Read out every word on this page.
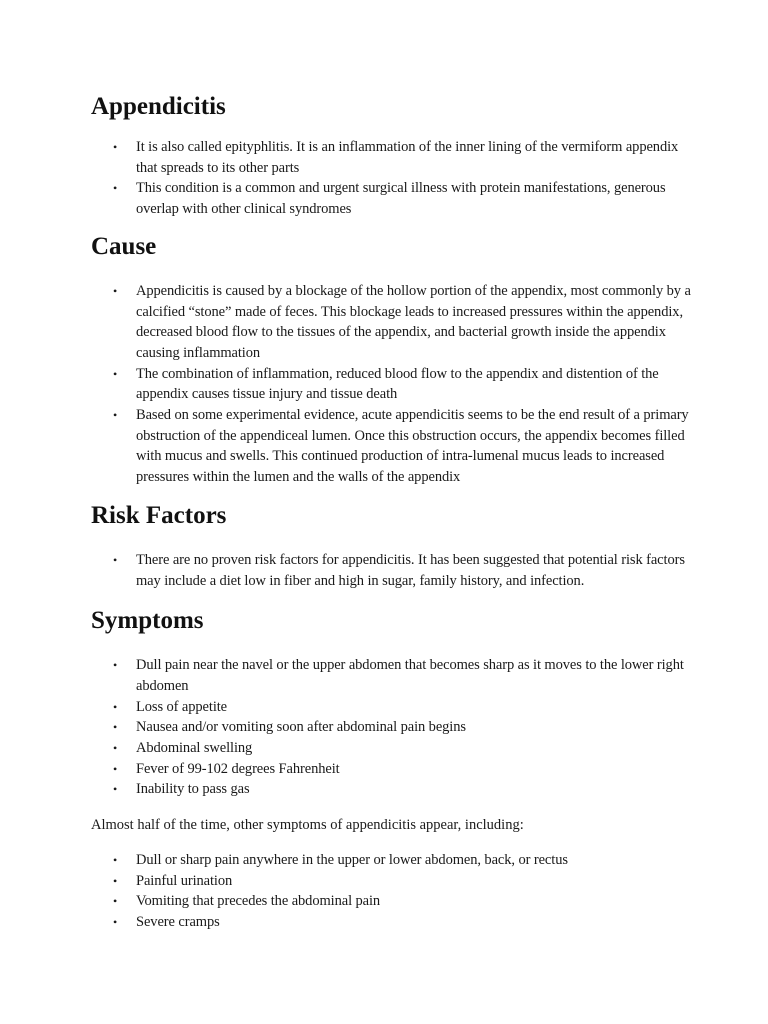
Appendicitis
• It is also called epityphlitis. It is an inflammation of the inner lining of the vermiform appendix that spreads to its other parts
• This condition is a common and urgent surgical illness with protein manifestations, generous overlap with other clinical syndromes
Cause
• Appendicitis is caused by a blockage of the hollow portion of the appendix, most commonly by a calcified “stone” made of feces. This blockage leads to increased pressures within the appendix, decreased blood flow to the tissues of the appendix, and bacterial growth inside the appendix causing inflammation
• The combination of inflammation, reduced blood flow to the appendix and distention of the appendix causes tissue injury and tissue death
• Based on some experimental evidence, acute appendicitis seems to be the end result of a primary obstruction of the appendiceal lumen. Once this obstruction occurs, the appendix becomes filled with mucus and swells. This continued production of intra-lumenal mucus leads to increased pressures within the lumen and the walls of the appendix
Risk Factors
• There are no proven risk factors for appendicitis. It has been suggested that potential risk factors may include a diet low in fiber and high in sugar, family history, and infection.
Symptoms
• Dull pain near the navel or the upper abdomen that becomes sharp as it moves to the lower right abdomen
• Loss of appetite
• Nausea and/or vomiting soon after abdominal pain begins
• Abdominal swelling
• Fever of 99-102 degrees Fahrenheit
• Inability to pass gas

Almost half of the time, other symptoms of appendicitis appear, including:

• Dull or sharp pain anywhere in the upper or lower abdomen, back, or rectus
• Painful urination
• Vomiting that precedes the abdominal pain
• Severe cramps
